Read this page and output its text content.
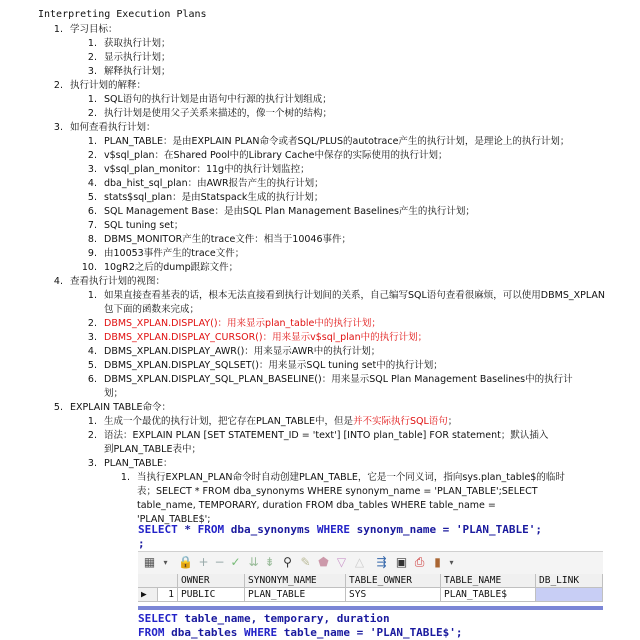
Interpreting Execution Plans
1. 学习目标：
1. 获取执行计划；
2. 显示执行计划；
3. 解释执行计划；
2. 执行计划的解释：
1. SQL语句的执行计划是由语句中行源的执行计划组成；
2. 执行计划是使用父子关系来描述的，像一个树的结构；
3. 如何查看执行计划：
1. PLAN_TABLE：是由EXPLAIN PLAN命令或者SQL/PLUS的autotrace产生的执行计划，是理论上的执行计划；
2. v$sql_plan：在Shared Pool中的Library Cache中保存的实际使用的执行计划；
3. v$sql_plan_monitor：11g中的执行计划监控；
4. dba_hist_sql_plan：由AWR报告产生的执行计划；
5. stats$sql_plan：是由Statspack生成的执行计划；
6. SQL Management Base：是由SQL Plan Management Baselines产生的执行计划；
7. SQL tuning set；
8. DBMS_MONITOR产生的trace文件：相当于10046事件；
9. 由10053事件产生的trace文件；
10. 10gR2之后的dump跟踪文件；
4. 查看执行计划的视图：
1. 如果直接查看基表的话，根本无法直接看到执行计划间的关系，自己编写SQL语句查看很麻烦，可以使用DBMS_XPLAN
包下面的函数来完成；
2. DBMS_XPLAN.DISPLAY()：用来显示plan_table中的执行计划；
3. DBMS_XPLAN.DISPLAY_CURSOR()：用来显示v$sql_plan中的执行计划；
4. DBMS_XPLAN.DISPLAY_AWR()：用来显示AWR中的执行计划；
5. DBMS_XPLAN.DISPLAY_SQLSET()：用来显示SQL tuning set中的执行计划；
6. DBMS_XPLAN.DISPLAY_SQL_PLAN_BASELINE()：用来显示SQL Plan Management Baselines中的执行计
划；
5. EXPLAIN TABLE命令：
1. 生成一个最优的执行计划，把它存在PLAN_TABLE中，但是并不实际执行SQL语句；
2. 语法：EXPLAIN PLAN [SET STATEMENT_ID = 'text'] [INTO plan_table] FOR statement；默认插入
到PLAN_TABLE表中；
3. PLAN_TABLE：
1. 当执行EXPLAN_PLAN命令时自动创建PLAN_TABLE，它是一个同义词，指向sys.plan_table$的临时
表；SELECT * FROM dba_synonyms WHERE synonym_name = 'PLAN_TABLE';SELECT
table_name, TEMPORARY, duration FROM dba_tables WHERE table_name =
'PLAN_TABLE$';
SELECT * FROM dba_synonyms WHERE synonym_name = 'PLAN_TABLE';
;
▦	▾ 🔒 + − ✓ ⇊ ⇟ ⚲ ✎ ⬟ ▽ △ ⇶ ▣ ⎙ ▮	▾
OWNER	SYNONYM_NAME	TABLE_OWNER	TABLE_NAME	DB_LINK
▶	1 PUBLIC	PLAN_TABLE	SYS	PLAN_TABLE$
SELECT table_name, temporary, duration
FROM dba_tables WHERE table_name = 'PLAN_TABLE$';
